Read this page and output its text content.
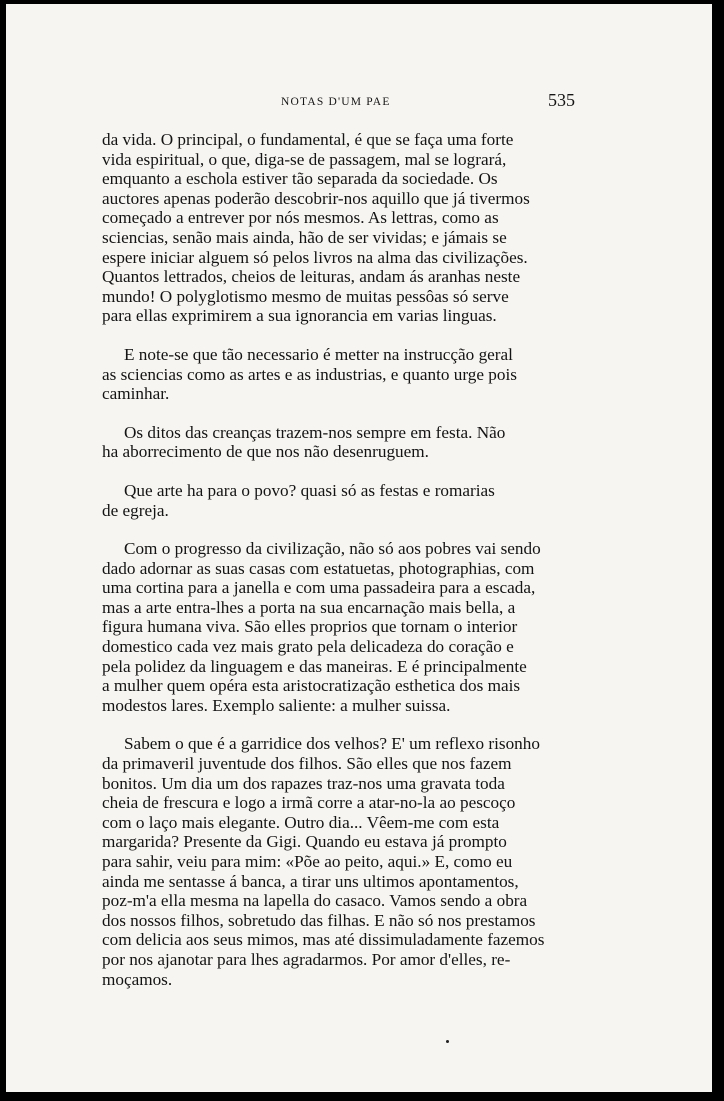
NOTAS D'UM PAE	535

da vida. O principal, o fundamental, é que se faça uma forte
vida espiritual, o que, diga-se de passagem, mal se logrará,
emquanto a eschola estiver tão separada da sociedade. Os
auctores apenas poderão descobrir-nos aquillo que já tivermos
começado a entrever por nós mesmos. As lettras, como as
sciencias, senão mais ainda, hão de ser vividas; e jámais se
espere iniciar alguem só pelos livros na alma das civilizações.
Quantos lettrados, cheios de leituras, andam ás aranhas neste
mundo! O polyglotismo mesmo de muitas pessôas só serve
para ellas exprimirem a sua ignorancia em varias linguas.

E note-se que tão necessario é metter na instrucção geral
as sciencias como as artes e as industrias, e quanto urge pois
caminhar.

Os ditos das creanças trazem-nos sempre em festa. Não
ha aborrecimento de que nos não desenruguem.

Que arte ha para o povo? quasi só as festas e romarias
de egreja.

Com o progresso da civilização, não só aos pobres vai sendo
dado adornar as suas casas com estatuetas, photographias, com
uma cortina para a janella e com uma passadeira para a escada,
mas a arte entra-lhes a porta na sua encarnação mais bella, a
figura humana viva. São elles proprios que tornam o interior
domestico cada vez mais grato pela delicadeza do coração e
pela polidez da linguagem e das maneiras. E é principalmente
a mulher quem opéra esta aristocratização esthetica dos mais
modestos lares. Exemplo saliente: a mulher suissa.

Sabem o que é a garridice dos velhos? E' um reflexo risonho
da primaveril juventude dos filhos. São elles que nos fazem
bonitos. Um dia um dos rapazes traz-nos uma gravata toda
cheia de frescura e logo a irmã corre a atar-no-la ao pescoço
com o laço mais elegante. Outro dia... Vêem-me com esta
margarida? Presente da Gigi. Quando eu estava já prompto
para sahir, veiu para mim: «Põe ao peito, aqui.» E, como eu
ainda me sentasse á banca, a tirar uns ultimos apontamentos,
poz-m'a ella mesma na lapella do casaco. Vamos sendo a obra
dos nossos filhos, sobretudo das filhas. E não só nos prestamos
com delicia aos seus mimos, mas até dissimuladamente fazemos
por nos ajanotar para lhes agradarmos. Por amor d'elles, re-
moçamos.
